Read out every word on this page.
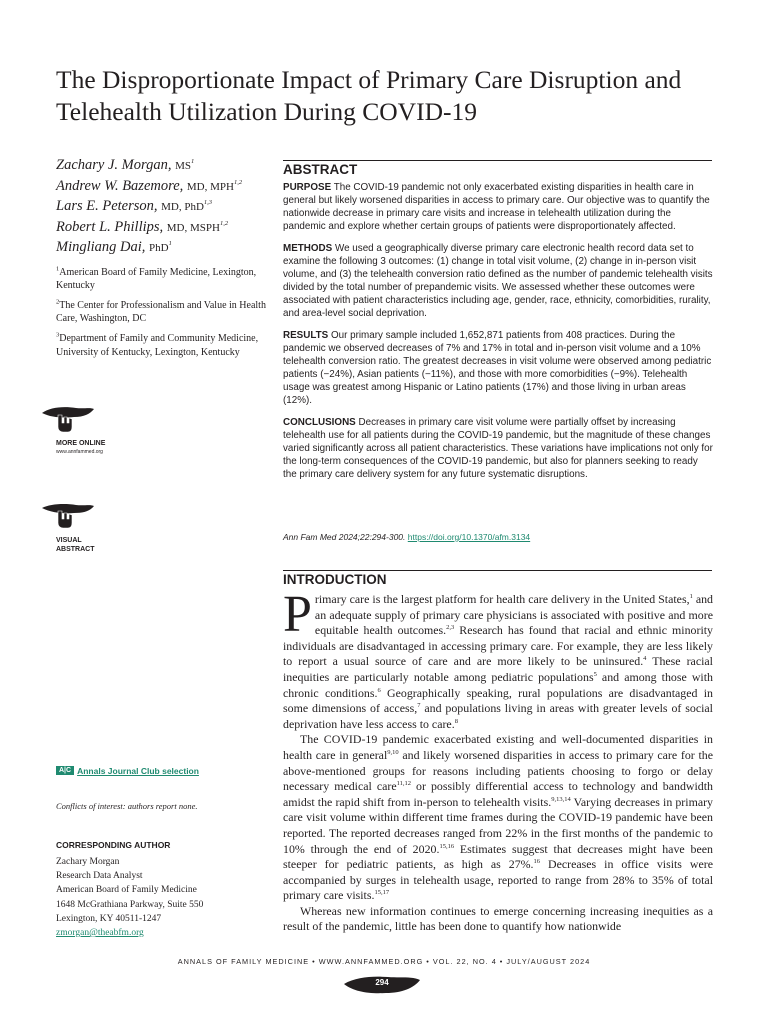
The Disproportionate Impact of Primary Care Disruption and Telehealth Utilization During COVID-19
Zachary J. Morgan, $MS^1$
Andrew W. Bazemore, MD, MPH$^{1,2}$
Lars E. Peterson, MD, PhD$^{1,3}$
Robert L. Phillips, MD, MSPH$^{1,2}$
Mingliang Dai, PhD$^1$
$^1$American Board of Family Medicine, Lexington, Kentucky
$^2$The Center for Professionalism and Value in Health Care, Washington, DC
$^3$Department of Family and Community Medicine, University of Kentucky, Lexington, Kentucky
MORE ONLINE
www.annfammed.org
VISUAL
ABSTRACT
A|C Annals Journal Club selection
Conflicts of interest: authors report none.
CORRESPONDING AUTHOR
Zachary Morgan
Research Data Analyst
American Board of Family Medicine
1648 McGrathiana Parkway, Suite 550
Lexington, KY 40511-1247
zmorgan@theabfm.org
ABSTRACT

PURPOSE The COVID-19 pandemic not only exacerbated existing disparities in health care in general but likely worsened disparities in access to primary care. Our objective was to quantify the nationwide decrease in primary care visits and increase in telehealth utilization during the pandemic and explore whether certain groups of patients were disproportionately affected.

METHODS We used a geographically diverse primary care electronic health record data set to examine the following 3 outcomes: (1) change in total visit volume, (2) change in in-person visit volume, and (3) the telehealth conversion ratio defined as the number of pandemic telehealth visits divided by the total number of prepandemic visits. We assessed whether these outcomes were associated with patient characteristics including age, gender, race, ethnicity, comorbidities, rurality, and area-level social deprivation.

RESULTS Our primary sample included 1,652,871 patients from 408 practices. During the pandemic we observed decreases of 7% and 17% in total and in-person visit volume and a 10% telehealth conversion ratio. The greatest decreases in visit volume were observed among pediatric patients (−24%), Asian patients (−11%), and those with more comorbidities (−9%). Telehealth usage was greatest among Hispanic or Latino patients (17%) and those living in urban areas (12%).

CONCLUSIONS Decreases in primary care visit volume were partially offset by increasing telehealth use for all patients during the COVID-19 pandemic, but the magnitude of these changes varied significantly across all patient characteristics. These variations have implications not only for the long-term consequences of the COVID-19 pandemic, but also for planners seeking to ready the primary care delivery system for any future systematic disruptions.

Ann Fam Med 2024;22:294-300. https://doi.org/10.1370/afm.3134
INTRODUCTION

Primary care is the largest platform for health care delivery in the United States,$^1$ and an adequate supply of primary care physicians is associated with positive and more equitable health outcomes.$^{2,3}$ Research has found that racial and ethnic minority individuals are disadvantaged in accessing primary care. For example, they are less likely to report a usual source of care and are more likely to be uninsured.$^4$ These racial inequities are particularly notable among pediatric populations$^5$ and among those with chronic conditions.$^6$ Geographically speaking, rural populations are disadvantaged in some dimensions of access,$^7$ and populations living in areas with greater levels of social deprivation have less access to care.$^8$

The COVID-19 pandemic exacerbated existing and well-documented disparities in health care in general$^{9,10}$ and likely worsened disparities in access to primary care for the above-mentioned groups for reasons including patients choosing to forgo or delay necessary medical care$^{11,12}$ or possibly differential access to technology and bandwidth amidst the rapid shift from in-person to telehealth visits.$^{9,13,14}$ Varying decreases in primary care visit volume within different time frames during the COVID-19 pandemic have been reported. The reported decreases ranged from 22% in the first months of the pandemic to 10% through the end of 2020.$^{15,16}$ Estimates suggest that decreases might have been steeper for pediatric patients, as high as 27%.$^{16}$ Decreases in office visits were accompanied by surges in telehealth usage, reported to range from 28% to 35% of total primary care visits.$^{15,17}$

Whereas new information continues to emerge concerning increasing inequities as a result of the pandemic, little has been done to quantify how nationwide

ANNALS OF FAMILY MEDICINE • WWW.ANNFAMMED.ORG • VOL. 22, NO. 4 • JULY/AUGUST 2024
294
